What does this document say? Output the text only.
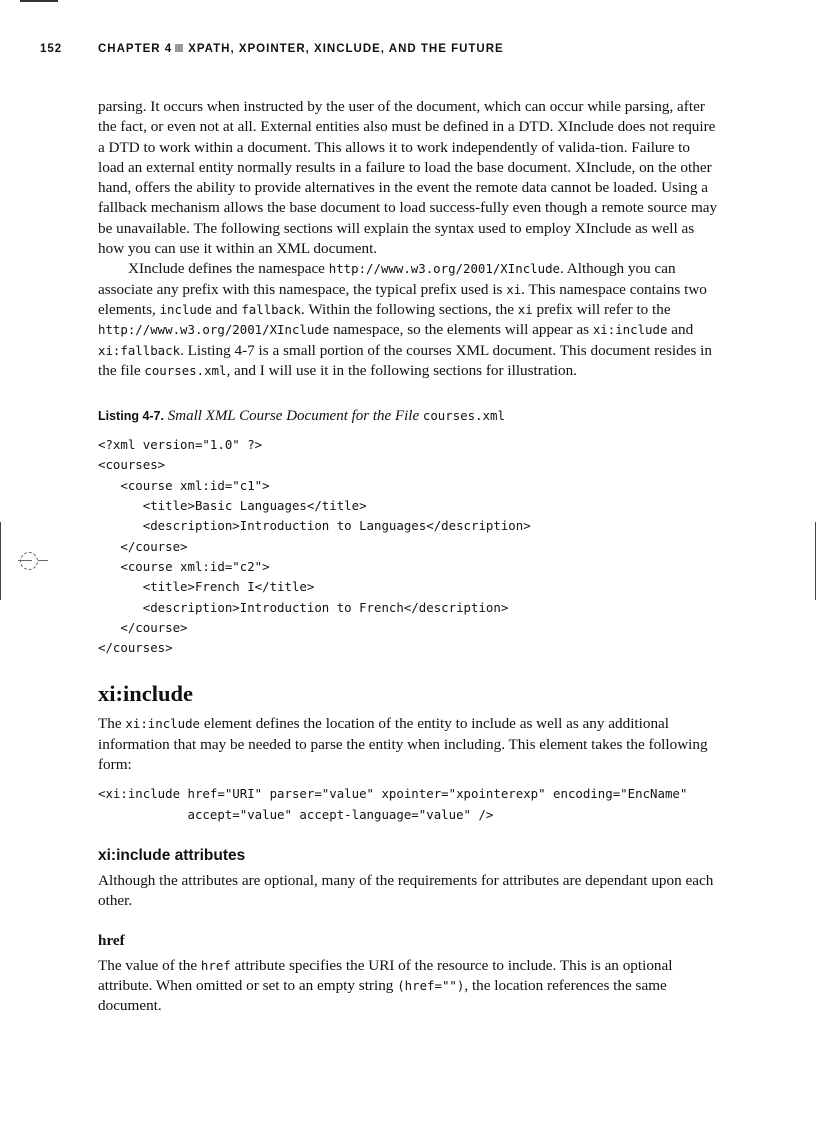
152	CHAPTER 4 XPATH, XPOINTER, XINCLUDE, AND THE FUTURE

parsing. It occurs when instructed by the user of the document, which can occur while parsing, after the fact, or even not at all. External entities also must be defined in a DTD. XInclude does not require a DTD to work within a document. This allows it to work independently of valida-tion. Failure to load an external entity normally results in a failure to load the base document. XInclude, on the other hand, offers the ability to provide alternatives in the event the remote data cannot be loaded. Using a fallback mechanism allows the base document to load success-fully even though a remote source may be unavailable. The following sections will explain the syntax used to employ XInclude as well as how you can use it within an XML document.

XInclude defines the namespace http://www.w3.org/2001/XInclude. Although you can associate any prefix with this namespace, the typical prefix used is xi. This namespace contains two elements, include and fallback. Within the following sections, the xi prefix will refer to the http://www.w3.org/2001/XInclude namespace, so the elements will appear as xi:include and xi:fallback. Listing 4-7 is a small portion of the courses XML document. This document resides in the file courses.xml, and I will use it in the following sections for illustration.

Listing 4-7. Small XML Course Document for the File courses.xml
<?xml version="1.0" ?>
<courses>
<course xml:id="c1">
<title>Basic Languages</title>
<description>Introduction to Languages</description>
</course>
<course xml:id="c2">
<title>French I</title>
<description>Introduction to French</description>
</course>
</courses>
xi:include

The xi:include element defines the location of the entity to include as well as any additional information that may be needed to parse the entity when including. This element takes the following form:

<xi:include href="URI" parser="value" xpointer="xpointerexp" encoding="EncName"
accept="value" accept-language="value" />
xi:include attributes

Although the attributes are optional, many of the requirements for attributes are dependant upon each other.

href

The value of the href attribute specifies the URI of the resource to include. This is an optional attribute. When omitted or set to an empty string (href=""), the location references the same document.
